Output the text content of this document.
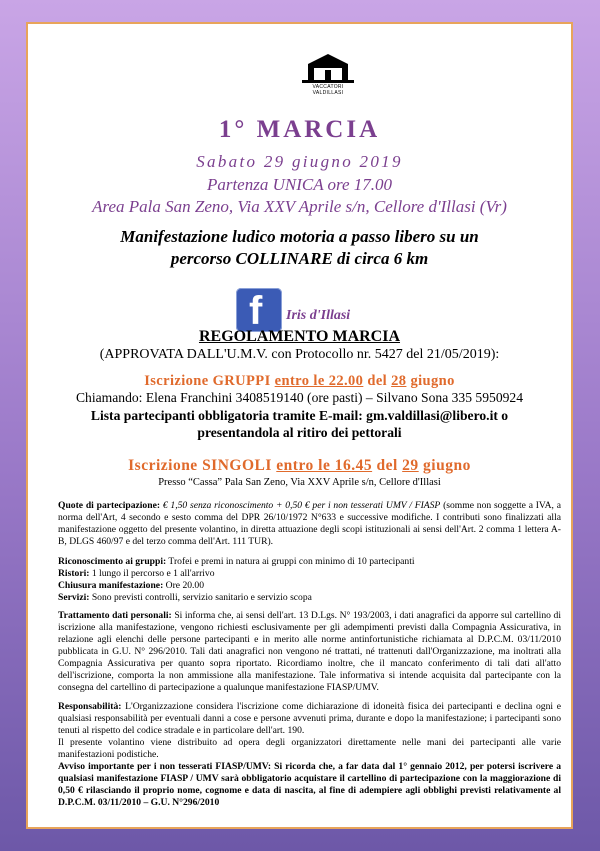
VACCATORI VALDILLASI
1° MARCIA
Sabato 29 giugno 2019
Partenza UNICA ore 17.00
Area Pala San Zeno, Via XXV Aprile s/n, Cellore d'Illasi (Vr)
Manifestazione ludico motoria a passo libero su un
percorso COLLINARE di circa 6 km
f Iris d'Illasi
REGOLAMENTO MARCIA
(APPROVATA DALL'U.M.V. con Protocollo nr. 5427 del 21/05/2019):
Iscrizione GRUPPI entro le 22.00 del 28 giugno
Chiamando: Elena Franchini 3408519140 (ore pasti) – Silvano Sona 335 5950924
Lista partecipanti obbligatoria tramite E-mail: gm.valdillasi@libero.it o
presentandola al ritiro dei pettorali
Iscrizione SINGOLI entro le 16.45 del 29 giugno
Presso “Cassa” Pala San Zeno, Via XXV Aprile s/n, Cellore d'Illasi

Quote di partecipazione: € 1,50 senza riconoscimento + 0,50 € per i non tesserati UMV / FIASP (somme non soggette a IVA, a norma dell'Art, 4 secondo e sesto comma del DPR 26/10/1972 N°633 e successive modifiche. I contributi sono finalizzati alla manifestazione oggetto del presente volantino, in diretta attuazione degli scopi istituzionali ai sensi dell'Art. 2 comma 1 lettera A-B, DLGS 460/97 e del terzo comma dell'Art. 111 TUR).

Riconoscimento ai gruppi: Trofei e premi in natura ai gruppi con minimo di 10 partecipanti

Ristori: 1 lungo il percorso e 1 all'arrivo

Chiusura manifestazione: Ore 20.00

Servizi: Sono previsti controlli, servizio sanitario e servizio scopa

Trattamento dati personali: Si informa che, ai sensi dell'art. 13 D.Lgs. N° 193/2003, i dati anagrafici da apporre sul cartellino di iscrizione alla manifestazione, vengono richiesti esclusivamente per gli adempimenti previsti dalla Compagnia Assicurativa, in relazione agli elenchi delle persone partecipanti e in merito alle norme antinfortunistiche richiamata al D.P.C.M. 03/11/2010 pubblicata in G.U. N° 296/2010. Tali dati anagrafici non vengono né trattati, né trattenuti dall'Organizzazione, ma inoltrati alla Compagnia Assicurativa per quanto sopra riportato. Ricordiamo inoltre, che il mancato conferimento di tali dati all'atto dell'iscrizione, comporta la non ammissione alla manifestazione. Tale informativa si intende acquisita dal partecipante con la consegna del cartellino di partecipazione a qualunque manifestazione FIASP/UMV.

Responsabilità: L'Organizzazione considera l'iscrizione come dichiarazione di idoneità fisica dei partecipanti e declina ogni e qualsiasi responsabilità per eventuali danni a cose e persone avvenuti prima, durante e dopo la manifestazione; i partecipanti sono tenuti al rispetto del codice stradale e in particolare dell'art. 190.

Il presente volantino viene distribuito ad opera degli organizzatori direttamente nelle mani dei partecipanti alle varie manifestazioni podistiche.

Avviso importante per i non tesserati FIASP/UMV: Si ricorda che, a far data dal 1° gennaio 2012, per potersi iscrivere a qualsiasi manifestazione FIASP / UMV sarà obbligatorio acquistare il cartellino di partecipazione con la maggiorazione di 0,50 € rilasciando il proprio nome, cognome e data di nascita, al fine di adempiere agli obblighi previsti relativamente al D.P.C.M. 03/11/2010 – G.U. N°296/2010
